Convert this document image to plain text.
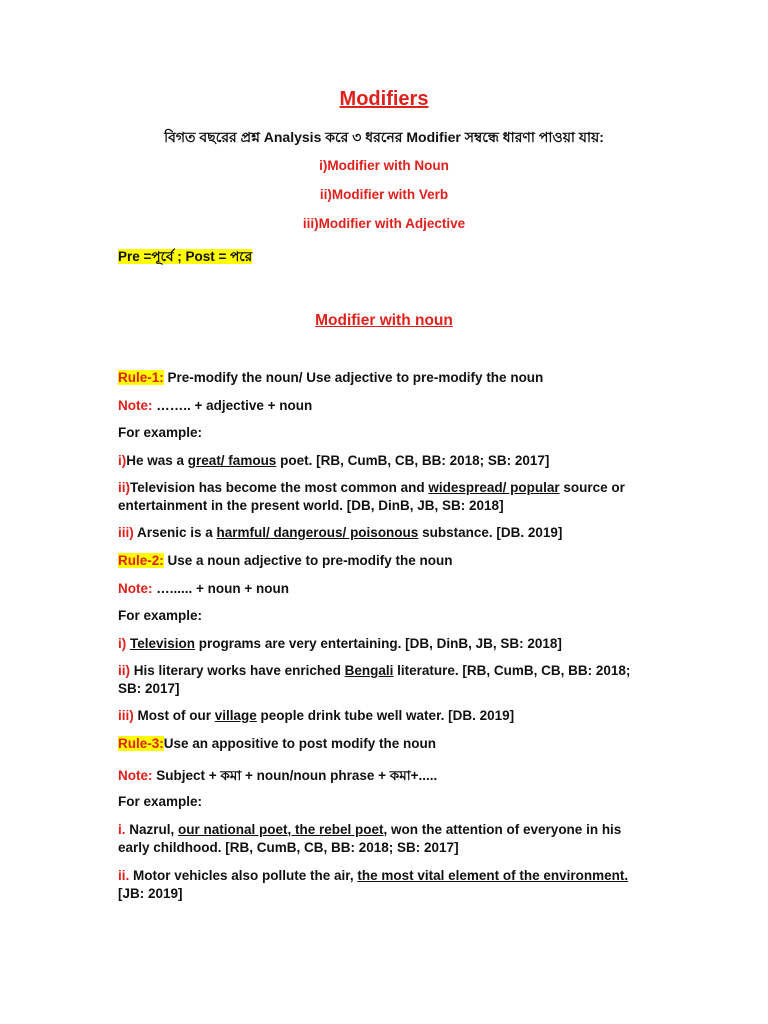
Modifiers
বিগত বছরের প্রশ্ন Analysis করে ৩ ধরনের Modifier সম্বন্ধে ধারণা পাওয়া যায়:
i)Modifier with Noun
ii)Modifier with Verb
iii)Modifier with Adjective
Pre =পূর্বে ; Post = পরে
Modifier with noun
Rule-1: Pre-modify the noun/ Use adjective to pre-modify the noun
Note: …….. + adjective + noun
For example:
i)He was a great/ famous poet. [RB, CumB, CB, BB: 2018; SB: 2017]
ii)Television has become the most common and widespread/ popular source or entertainment in the present world. [DB, DinB, JB, SB: 2018]
iii) Arsenic is a harmful/ dangerous/ poisonous substance. [DB. 2019]
Rule-2: Use a noun adjective to pre-modify the noun
Note: …...... + noun + noun
For example:
i) Television programs are very entertaining. [DB, DinB, JB, SB: 2018]
ii) His literary works have enriched Bengali literature. [RB, CumB, CB, BB: 2018; SB: 2017]
iii) Most of our village people drink tube well water. [DB. 2019]
Rule-3:Use an appositive to post modify the noun
Note: Subject + কমা + noun/noun phrase + কমা+.....
For example:
i. Nazrul, our national poet, the rebel poet, won the attention of everyone in his early childhood. [RB, CumB, CB, BB: 2018; SB: 2017]
ii. Motor vehicles also pollute the air, the most vital element of the environment. [JB: 2019]
